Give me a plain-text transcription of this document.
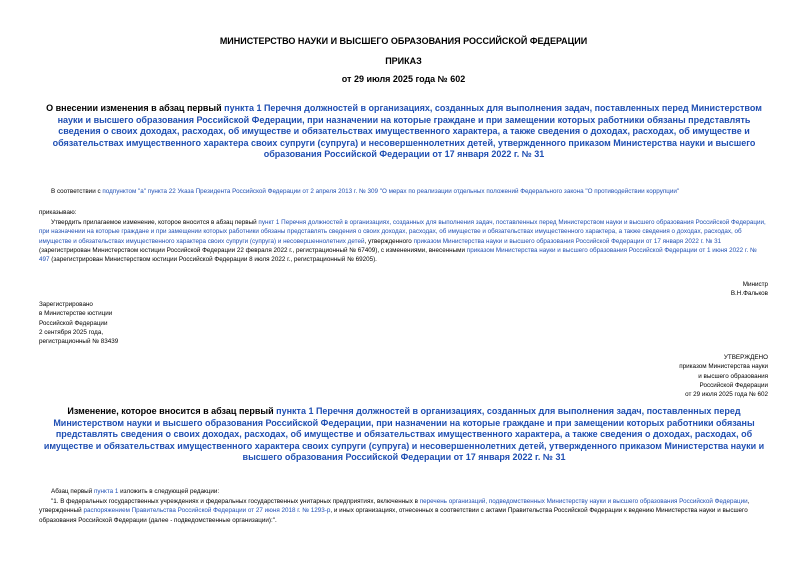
МИНИСТЕРСТВО НАУКИ И ВЫСШЕГО ОБРАЗОВАНИЯ РОССИЙСКОЙ ФЕДЕРАЦИИ
ПРИКАЗ
от 29 июля 2025 года № 602
О внесении изменения в абзац первый пункта 1 Перечня должностей в организациях, созданных для выполнения задач, поставленных перед Министерством науки и высшего образования Российской Федерации, при назначении на которые граждане и при замещении которых работники обязаны представлять сведения о своих доходах, расходах, об имуществе и обязательствах имущественного характера, а также сведения о доходах, расходах, об имуществе и обязательствах имущественного характера своих супруги (супруга) и несовершеннолетних детей, утвержденного приказом Министерства науки и высшего образования Российской Федерации от 17 января 2022 г. № 31
В соответствии с подпунктом "а" пункта 22 Указа Президента Российской Федерации от 2 апреля 2013 г. № 309 "О мерах по реализации отдельных положений Федерального закона "О противодействии коррупции"
приказываю:
Утвердить прилагаемое изменение, которое вносится в абзац первый пункт 1 Перечня должностей в организациях, созданных для выполнения задач, поставленных перед Министерством науки и высшего образования Российской Федерации, при назначении на которые граждане и при замещении которых работники обязаны представлять сведения о своих доходах, расходах, об имуществе и обязательствах имущественного характера, а также сведения о доходах, расходах, об имуществе и обязательствах имущественного характера своих супруги (супруга) и несовершеннолетних детей, утвержденного приказом Министерства науки и высшего образования Российской Федерации от 17 января 2022 г. № 31 (зарегистрирован Министерством юстиции Российской Федерации 22 февраля 2022 г., регистрационный № 67409), с изменениями, внесенными приказом Министерства науки и высшего образования Российской Федерации от 1 июня 2022 г. № 497 (зарегистрирован Министерством юстиции Российской Федерации 8 июля 2022 г., регистрационный № 69205).
Министр
В.Н.Фальков
Зарегистрировано
в Министерстве юстиции
Российской Федерации
2 сентября 2025 года,
регистрационный № 83439
УТВЕРЖДЕНО
приказом Министерства науки
и высшего образования
Российской Федерации
от 29 июля 2025 года № 602
Изменение, которое вносится в абзац первый пункта 1 Перечня должностей в организациях, созданных для выполнения задач, поставленных перед Министерством науки и высшего образования Российской Федерации, при назначении на которые граждане и при замещении которых работники обязаны представлять сведения о своих доходах, расходах, об имуществе и обязательствах имущественного характера, а также сведения о доходах, расходах, об имуществе и обязательствах имущественного характера своих супруги (супруга) и несовершеннолетних детей, утвержденного приказом Министерства науки и высшего образования Российской Федерации от 17 января 2022 г. № 31
Абзац первый пункта 1 изложить в следующей редакции:
"1. В федеральных государственных учреждениях и федеральных государственных унитарных предприятиях, включенных в перечень организаций, подведомственных Министерству науки и высшего образования Российской Федерации, утвержденный распоряжением Правительства Российской Федерации от 27 июня 2018 г. № 1293-р, и иных организациях, отнесенных в соответствии с актами Правительства Российской Федерации к ведению Министерства науки и высшего образования Российской Федерации (далее - подведомственные организации):".
